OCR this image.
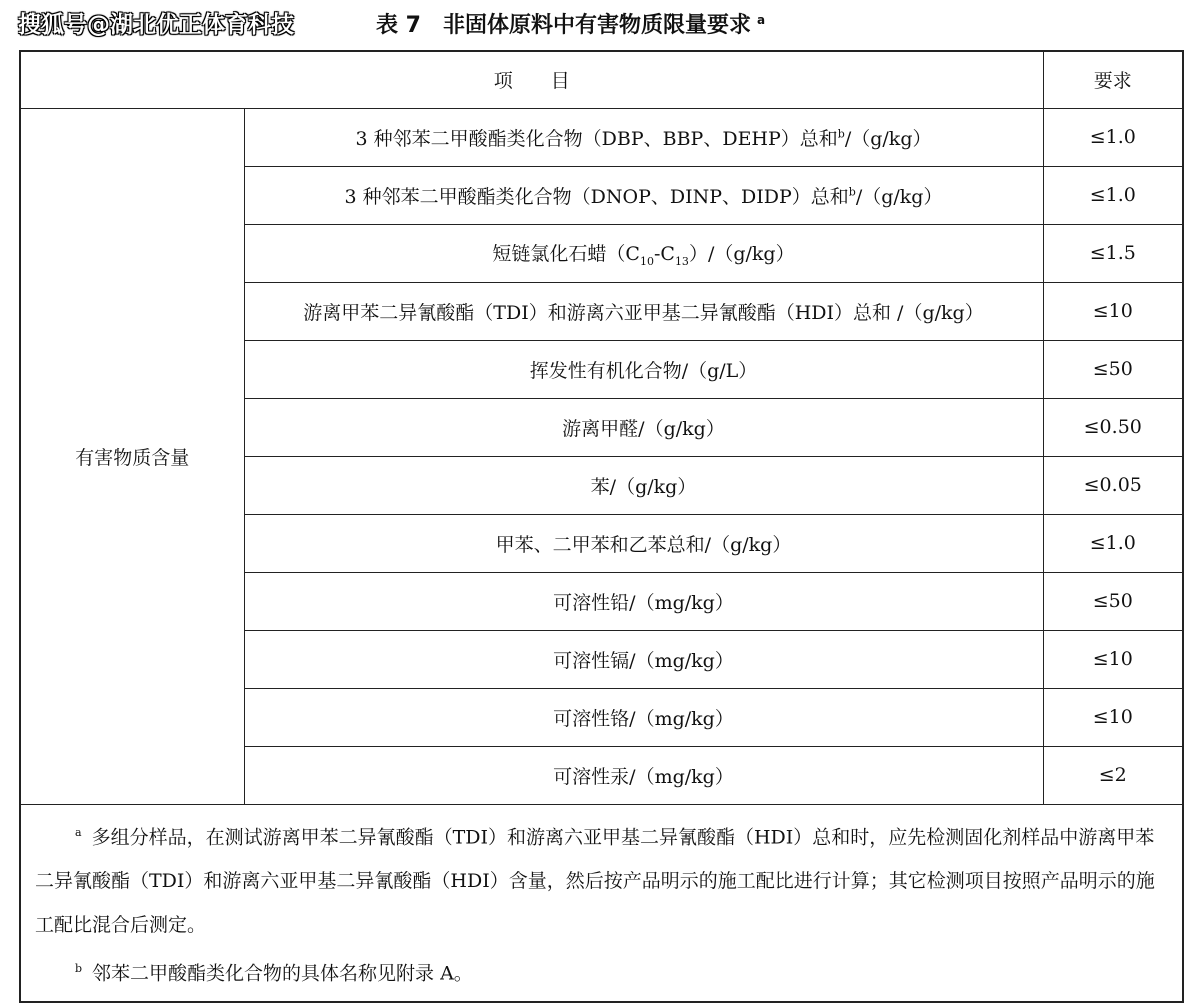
搜狐号@湖北优正体育科技	表 7　非固体原料中有害物质限量要求 $^a$
项　　目		要求
有害物质含量	3 种邻苯二甲酸酯类化合物（DBP、BBP、DEHP）总和$^b$/（g/kg）	≤1.0
	3 种邻苯二甲酸酯类化合物（DNOP、DINP、DIDP）总和$^b$/（g/kg）	≤1.0
	短链氯化石蜡$(C_{10}-C_{13})/(g/kg)$	≤1.5
	游离甲苯二异氰酸酯（TDI）和游离六亚甲基二异氰酸酯（HDI）总和 /（g/kg）	≤10
	挥发性有机化合物/（g/L）	≤50
	游离甲醛/（g/kg）	≤0.50
	苯/（g/kg）	≤0.05
	甲苯、二甲苯和乙苯总和/（g/kg）	≤1.0
	可溶性铅/（mg/kg）	≤50
	可溶性镉/（mg/kg）	≤10
	可溶性铬/（mg/kg）	≤10
	可溶性汞/（mg/kg）	≤2

$^a$ 多组分样品，在测试游离甲苯二异氰酸酯（TDI）和游离六亚甲基二异氰酸酯（HDI）总和时，应先检测固化剂样品中游离甲苯二异氰酸酯（TDI）和游离六亚甲基二异氰酸酯（HDI）含量，然后按产品明示的施工配比进行计算；其它检测项目按照产品明示的施工配比混合后测定。

$^b$ 邻苯二甲酸酯类化合物的具体名称见附录 A。		
